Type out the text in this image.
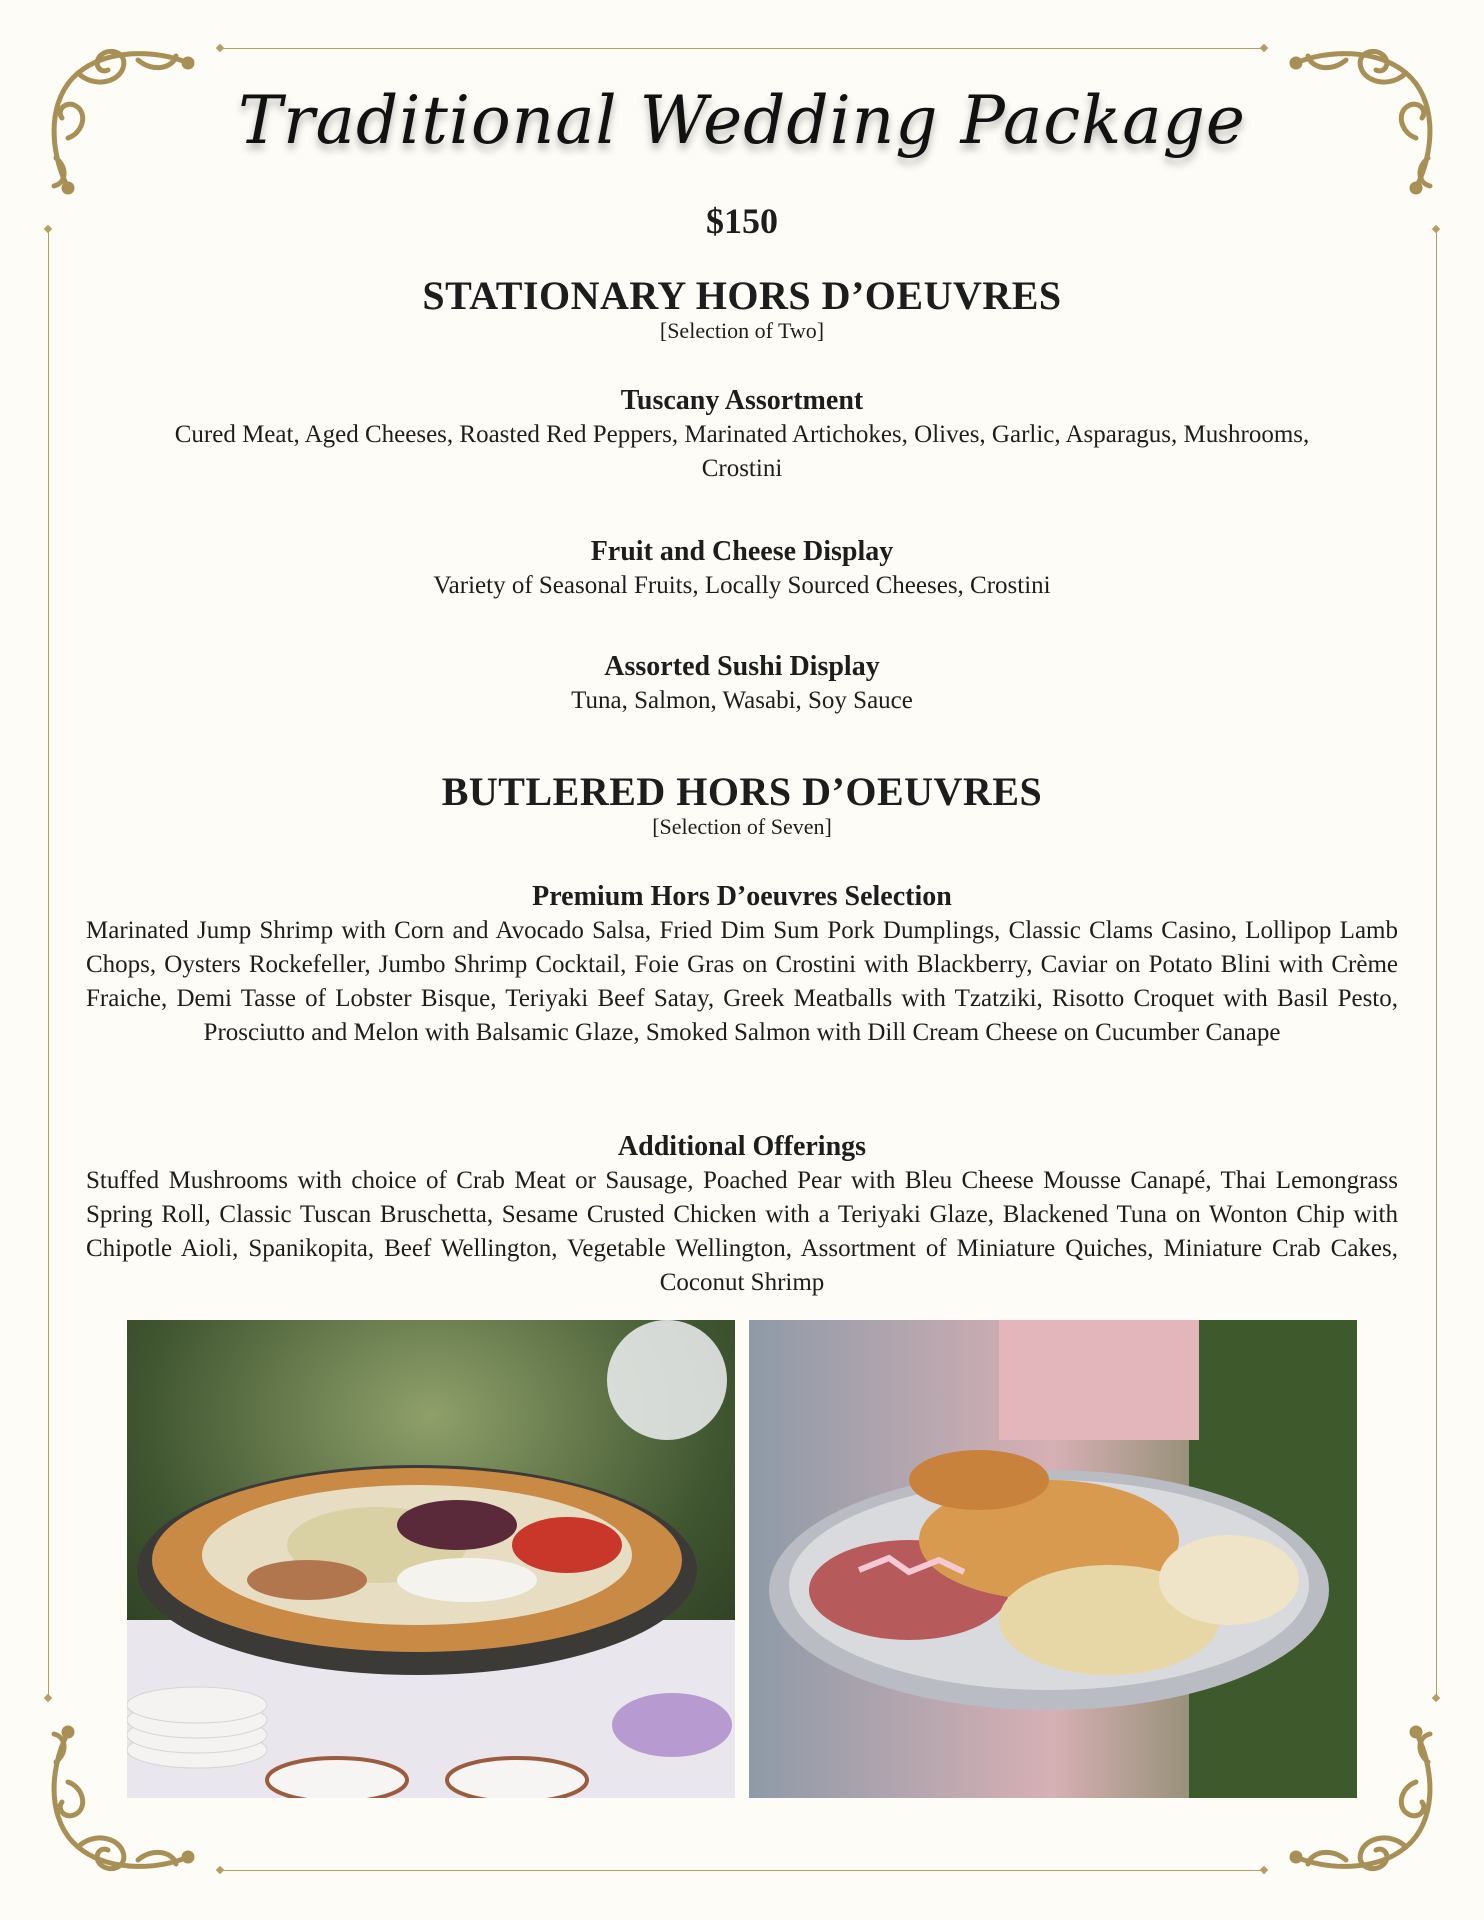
Traditional Wedding Package
$150
STATIONARY HORS D’OEUVRES
[Selection of Two]
Tuscany Assortment
Cured Meat, Aged Cheeses, Roasted Red Peppers, Marinated Artichokes, Olives, Garlic, Asparagus, Mushrooms, Crostini
Fruit and Cheese Display
Variety of Seasonal Fruits, Locally Sourced Cheeses, Crostini
Assorted Sushi Display
Tuna, Salmon, Wasabi, Soy Sauce
BUTLERED HORS D’OEUVRES
[Selection of Seven]
Premium Hors D’oeuvres Selection
Marinated Jump Shrimp with Corn and Avocado Salsa, Fried Dim Sum Pork Dumplings, Classic Clams Casino, Lollipop Lamb Chops, Oysters Rockefeller, Jumbo Shrimp Cocktail, Foie Gras on Crostini with Blackberry, Caviar on Potato Blini with Crème Fraiche, Demi Tasse of Lobster Bisque, Teriyaki Beef Satay, Greek Meatballs with Tzatziki, Risotto Croquet with Basil Pesto, Prosciutto and Melon with Balsamic Glaze, Smoked Salmon with Dill Cream Cheese on Cucumber Canape
Additional Offerings
Stuffed Mushrooms with choice of Crab Meat or Sausage, Poached Pear with Bleu Cheese Mousse Canapé, Thai Lemongrass Spring Roll, Classic Tuscan Bruschetta, Sesame Crusted Chicken with a Teriyaki Glaze, Blackened Tuna on Wonton Chip with Chipotle Aioli, Spanikopita, Beef Wellington, Vegetable Wellington, Assortment of Miniature Quiches, Miniature Crab Cakes, Coconut Shrimp
